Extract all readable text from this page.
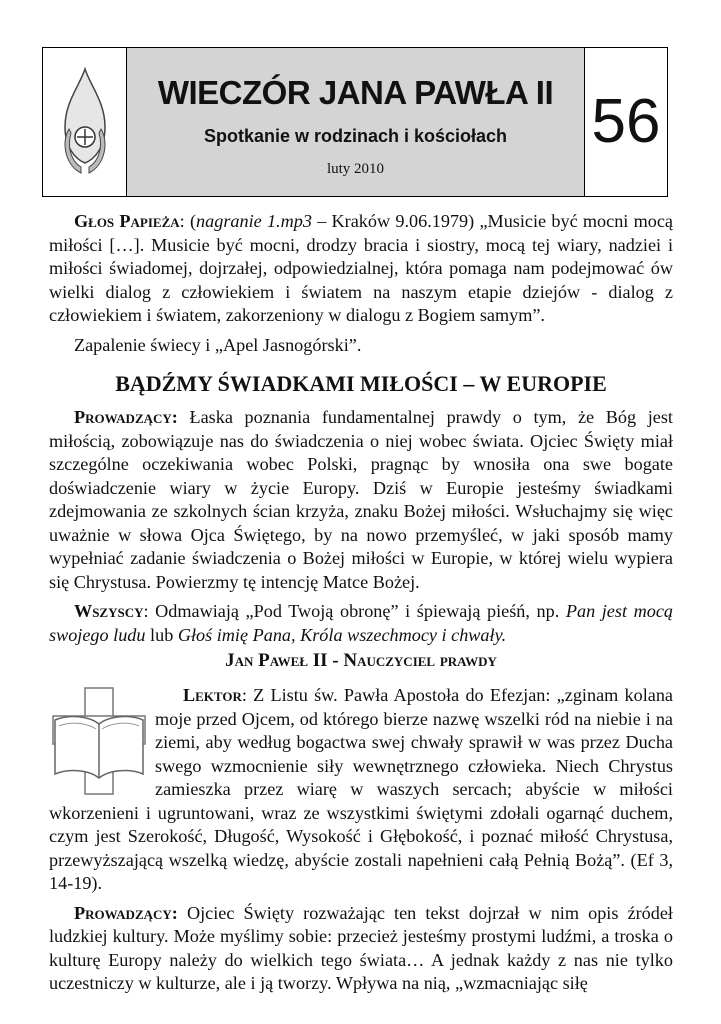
WIECZÓR JANA PAWŁA II
Spotkanie w rodzinach i kościołach
luty 2010
56

Głos Papieża: (nagranie 1.mp3 – Kraków 9.06.1979) „Musicie być mocni mocą miłości […]. Musicie być mocni, drodzy bracia i siostry, mocą tej wiary, nadziei i miłości świadomej, dojrzałej, odpowiedzialnej, która pomaga nam podejmować ów wielki dialog z człowiekiem i światem na naszym etapie dziejów - dialog z człowiekiem i światem, zakorzeniony w dialogu z Bogiem samym”.

Zapalenie świecy i „Apel Jasnogórski”.

BĄDŹMY ŚWIADKAMI MIŁOŚCI – W EUROPIE

Prowadzący: Łaska poznania fundamentalnej prawdy o tym, że Bóg jest miłością, zobowiązuje nas do świadczenia o niej wobec świata. Ojciec Święty miał szczególne oczekiwania wobec Polski, pragnąc by wnosiła ona swe bogate doświadczenie wiary w życie Europy. Dziś w Europie jesteśmy świadkami zdejmowania ze szkolnych ścian krzyża, znaku Bożej miłości. Wsłuchajmy się więc uważnie w słowa Ojca Świętego, by na nowo przemyśleć, w jaki sposób mamy wypełniać zadanie świadczenia o Bożej miłości w Europie, w której wielu wypiera się Chrystusa. Powierzmy tę intencję Matce Bożej.

Wszyscy: Odmawiają „Pod Twoją obronę” i śpiewają pieśń, np. Pan jest mocą swojego ludu lub Głoś imię Pana, Króla wszechmocy i chwały.

Jan Paweł II - Nauczyciel prawdy

Lektor: Z Listu św. Pawła Apostoła do Efezjan: „zginam kolana moje przed Ojcem, od którego bierze nazwę wszelki ród na niebie i na ziemi, aby według bogactwa swej chwały sprawił w was przez Ducha swego wzmocnienie siły wewnętrznego człowieka. Niech Chrystus zamieszka przez wiarę w waszych sercach; abyście w miłości wkorzenieni i ugruntowani, wraz ze wszystkimi świętymi zdołali ogarnąć duchem, czym jest Szerokość, Długość, Wysokość i Głębokość, i poznać miłość Chrystusa, przewyższającą wszelką wiedzę, abyście zostali napełnieni całą Pełnią Bożą”. (Ef 3, 14-19).

Prowadzący: Ojciec Święty rozważając ten tekst dojrzał w nim opis źródeł ludzkiej kultury. Może myślimy sobie: przecież jesteśmy prostymi ludźmi, a troska o kulturę Europy należy do wielkich tego świata… A jednak każdy z nas nie tylko uczestniczy w kulturze, ale i ją tworzy. Wpływa na nią, „wzmacniając siłę
